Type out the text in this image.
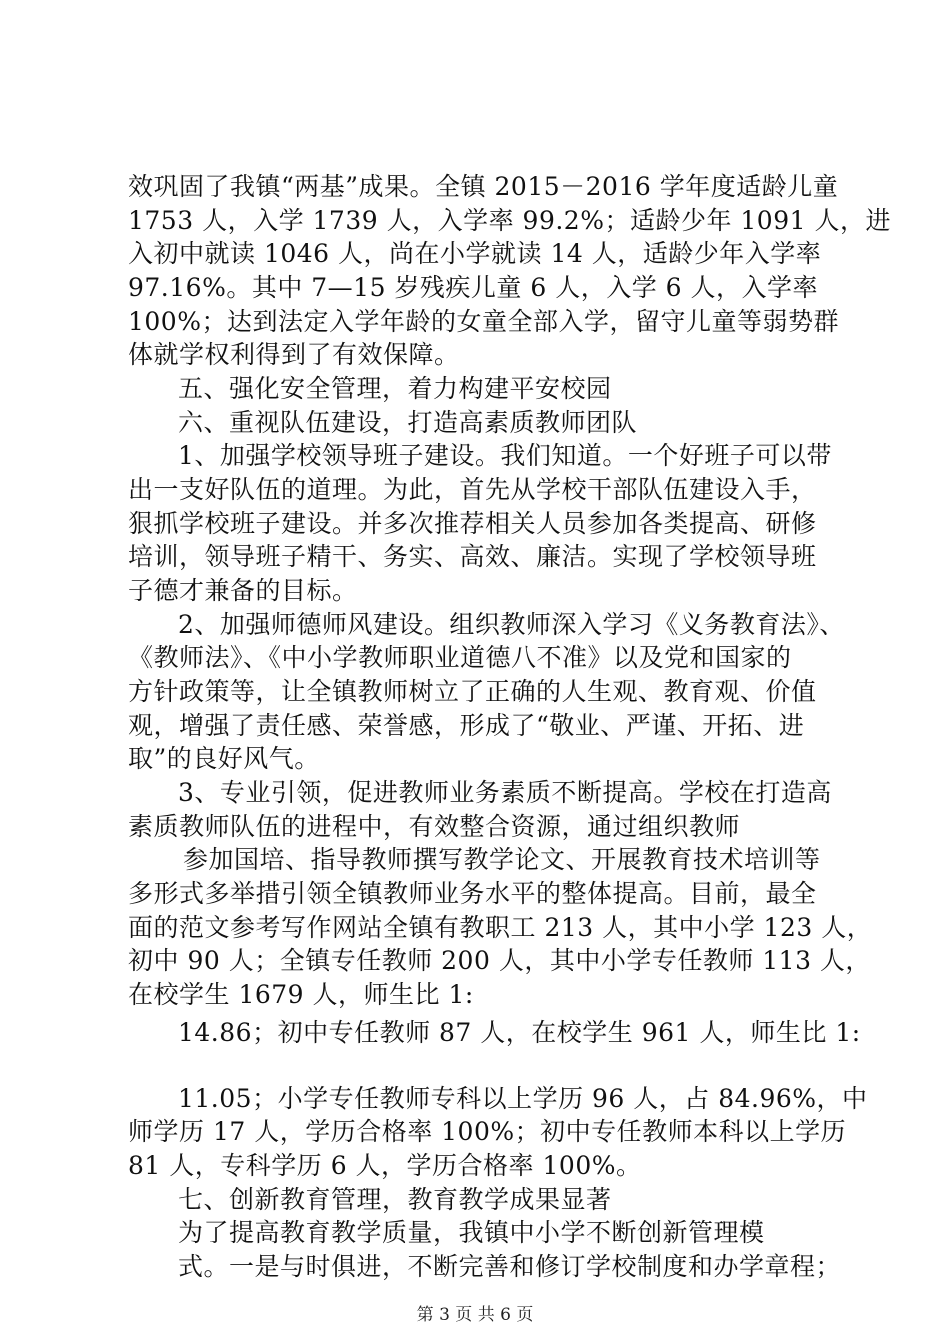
效巩固了我镇“两基”成果。全镇 2015－2016 学年度适龄儿童
1753 人，入学 1739 人，入学率 99.2%；适龄少年 1091 人，进
入初中就读 1046 人，尚在小学就读 14 人，适龄少年入学率
97.16%。其中 7—15 岁残疾儿童 6 人，入学 6 人，入学率
100%；达到法定入学年龄的女童全部入学，留守儿童等弱势群
体就学权利得到了有效保障。
五、强化安全管理，着力构建平安校园
六、重视队伍建设，打造高素质教师团队
1、加强学校领导班子建设。我们知道。一个好班子可以带
出一支好队伍的道理。为此，首先从学校干部队伍建设入手，
狠抓学校班子建设。并多次推荐相关人员参加各类提高、研修
培训，领导班子精干、务实、高效、廉洁。实现了学校领导班
子德才兼备的目标。
2、加强师德师风建设。组织教师深入学习《义务教育法》、
《教师法》、《中小学教师职业道德八不准》以及党和国家的
方针政策等，让全镇教师树立了正确的人生观、教育观、价值
观，增强了责任感、荣誉感，形成了“敬业、严谨、开拓、进
取”的良好风气。
3、专业引领，促进教师业务素质不断提高。学校在打造高
素质教师队伍的进程中，有效整合资源，通过组织教师
参加国培、指导教师撰写教学论文、开展教育技术培训等
多形式多举措引领全镇教师业务水平的整体提高。目前，最全
面的范文参考写作网站全镇有教职工 213 人，其中小学 123 人，
初中 90 人；全镇专任教师 200 人，其中小学专任教师 113 人，
在校学生 1679 人，师生比 1:
14.86；初中专任教师 87 人，在校学生 961 人，师生比 1:
11.05；小学专任教师专科以上学历 96 人，占 84.96%，中
师学历 17 人，学历合格率 100%；初中专任教师本科以上学历
81 人，专科学历 6 人，学历合格率 100%。
七、创新教育管理，教育教学成果显著
为了提高教育教学质量，我镇中小学不断创新管理模
式。一是与时俱进，不断完善和修订学校制度和办学章程；
第 3 页 共 6 页
